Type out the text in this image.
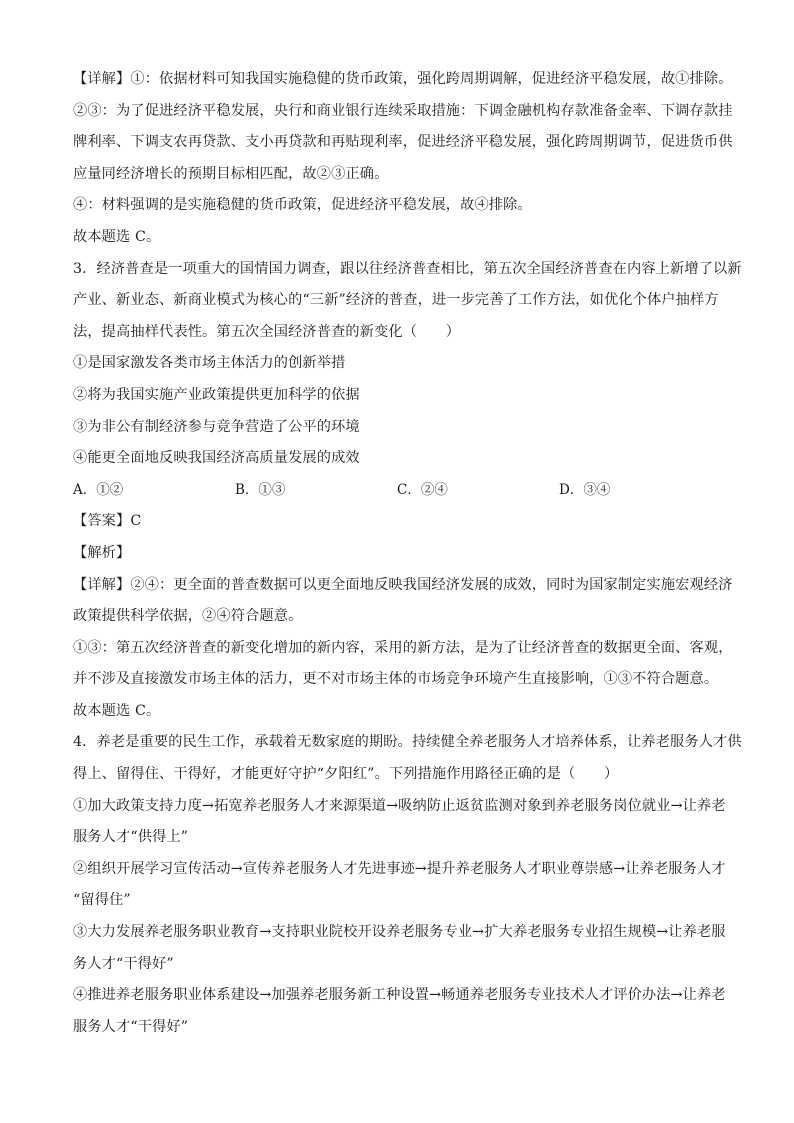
【详解】①：依据材料可知我国实施稳健的货币政策，强化跨周期调解，促进经济平稳发展，故①排除。
②③：为了促进经济平稳发展，央行和商业银行连续采取措施：下调金融机构存款准备金率、下调存款挂
牌利率、下调支农再贷款、支小再贷款和再贴现利率，促进经济平稳发展，强化跨周期调节，促进货币供
应量同经济增长的预期目标相匹配，故②③正确。
④：材料强调的是实施稳健的货币政策，促进经济平稳发展，故④排除。
故本题选 C。
3．经济普查是一项重大的国情国力调查，跟以往经济普查相比，第五次全国经济普查在内容上新增了以新
产业、新业态、新商业模式为核心的“三新”经济的普查，进一步完善了工作方法，如优化个体户抽样方
法，提高抽样代表性。第五次全国经济普查的新变化（　　）
①是国家激发各类市场主体活力的创新举措
②将为我国实施产业政策提供更加科学的依据
③为非公有制经济参与竞争营造了公平的环境
④能更全面地反映我国经济高质量发展的成效
A．①②	B．①③	C．②④	D．③④
【答案】C
【解析】
【详解】②④：更全面的普查数据可以更全面地反映我国经济发展的成效，同时为国家制定实施宏观经济
政策提供科学依据，②④符合题意。
①③：第五次经济普查的新变化增加的新内容，采用的新方法，是为了让经济普查的数据更全面、客观，
并不涉及直接激发市场主体的活力，更不对市场主体的市场竞争环境产生直接影响，①③不符合题意。
故本题选 C。
4．养老是重要的民生工作，承载着无数家庭的期盼。持续健全养老服务人才培养体系，让养老服务人才供
得上、留得住、干得好，才能更好守护“夕阳红”。下列措施作用路径正确的是（　　）
①加大政策支持力度→拓宽养老服务人才来源渠道→吸纳防止返贫监测对象到养老服务岗位就业→让养老
服务人才“供得上”
②组织开展学习宣传活动→宣传养老服务人才先进事迹→提升养老服务人才职业尊崇感→让养老服务人才
“留得住”
③大力发展养老服务职业教育→支持职业院校开设养老服务专业→扩大养老服务专业招生规模→让养老服
务人才“干得好”
④推进养老服务职业体系建设→加强养老服务新工种设置→畅通养老服务专业技术人才评价办法→让养老
服务人才“干得好”
